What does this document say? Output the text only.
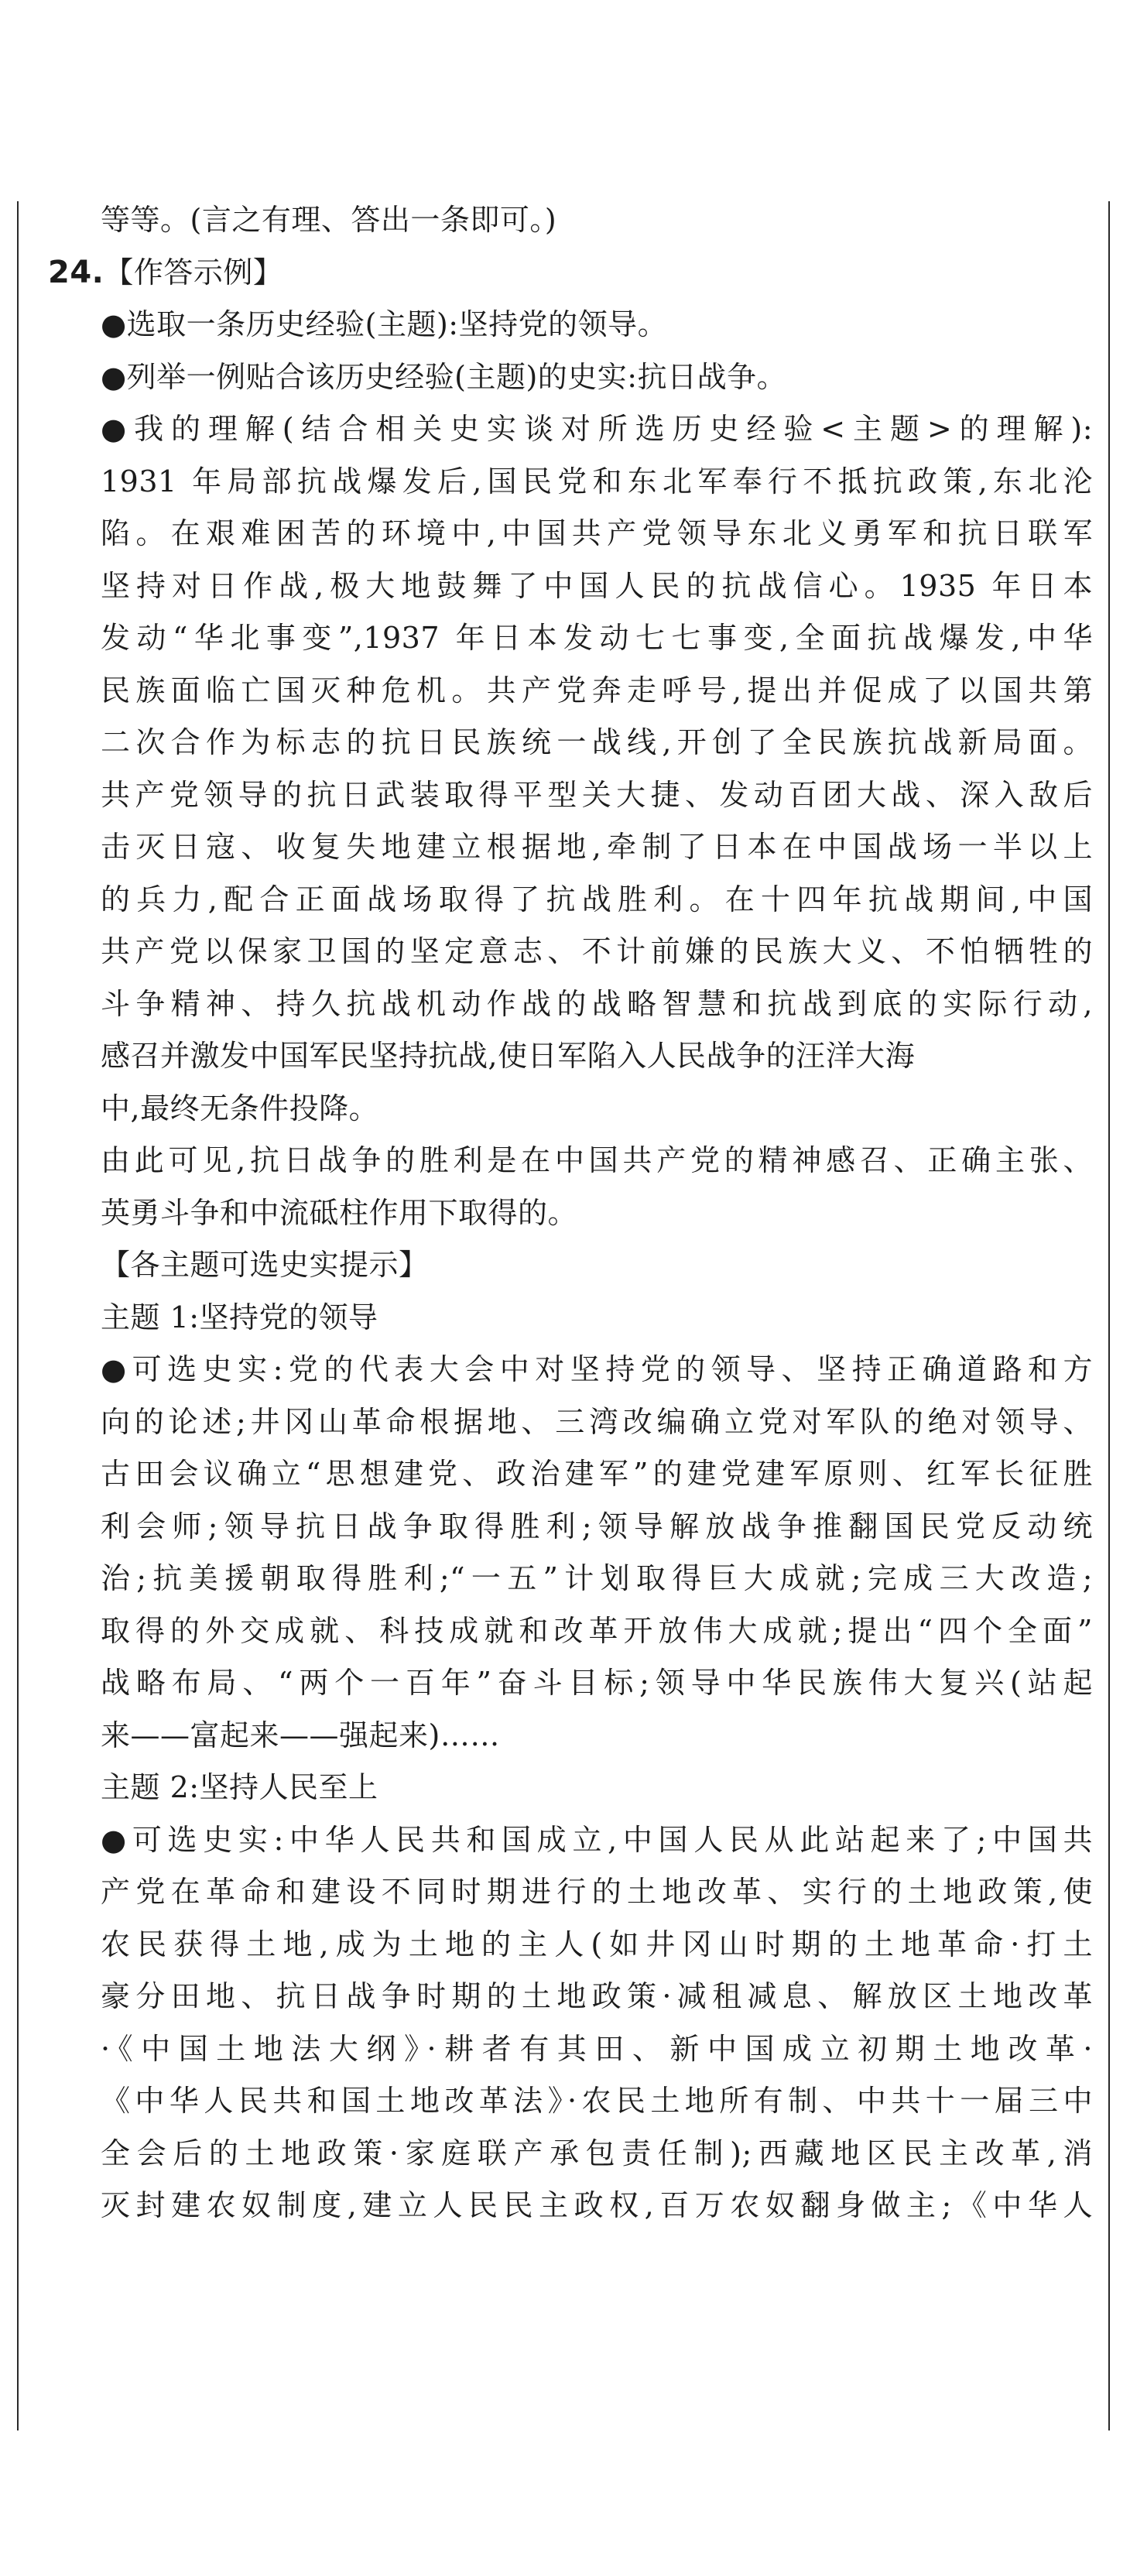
等等。(言之有理、答出一条即可。)
24.【作答示例】
●选取一条历史经验(主题):坚持党的领导。
●列举一例贴合该历史经验(主题)的史实:抗日战争。
●我的理解(结合相关史实谈对所选历史经验<主题>的理解):
1931 年局部抗战爆发后,国民党和东北军奉行不抵抗政策,东北沦
陷。在艰难困苦的环境中,中国共产党领导东北义勇军和抗日联军
坚持对日作战,极大地鼓舞了中国人民的抗战信心。1935 年日本
发动“华北事变”,1937 年日本发动七七事变,全面抗战爆发,中华
民族面临亡国灭种危机。共产党奔走呼号,提出并促成了以国共第
二次合作为标志的抗日民族统一战线,开创了全民族抗战新局面。
共产党领导的抗日武装取得平型关大捷、发动百团大战、深入敌后
击灭日寇、收复失地建立根据地,牵制了日本在中国战场一半以上
的兵力,配合正面战场取得了抗战胜利。在十四年抗战期间,中国
共产党以保家卫国的坚定意志、不计前嫌的民族大义、不怕牺牲的
斗争精神、持久抗战机动作战的战略智慧和抗战到底的实际行动,
感召并激发中国军民坚持抗战,使日军陷入人民战争的汪洋大海
中,最终无条件投降。
由此可见,抗日战争的胜利是在中国共产党的精神感召、正确主张、
英勇斗争和中流砥柱作用下取得的。
【各主题可选史实提示】
主题 1:坚持党的领导
●可选史实:党的代表大会中对坚持党的领导、坚持正确道路和方
向的论述;井冈山革命根据地、三湾改编确立党对军队的绝对领导、
古田会议确立“思想建党、政治建军”的建党建军原则、红军长征胜
利会师;领导抗日战争取得胜利;领导解放战争推翻国民党反动统
治;抗美援朝取得胜利;“一五”计划取得巨大成就;完成三大改造;
取得的外交成就、科技成就和改革开放伟大成就;提出“四个全面”
战略布局、“两个一百年”奋斗目标;领导中华民族伟大复兴(站起
来——富起来——强起来)……
主题 2:坚持人民至上
●可选史实:中华人民共和国成立,中国人民从此站起来了;中国共
产党在革命和建设不同时期进行的土地改革、实行的土地政策,使
农民获得土地,成为土地的主人(如井冈山时期的土地革命·打土
豪分田地、抗日战争时期的土地政策·减租减息、解放区土地改革
·《中国土地法大纲》·耕者有其田、新中国成立初期土地改革·
《中华人民共和国土地改革法》·农民土地所有制、中共十一届三中
全会后的土地政策·家庭联产承包责任制);西藏地区民主改革,消
灭封建农奴制度,建立人民民主政权,百万农奴翻身做主;《中华人
